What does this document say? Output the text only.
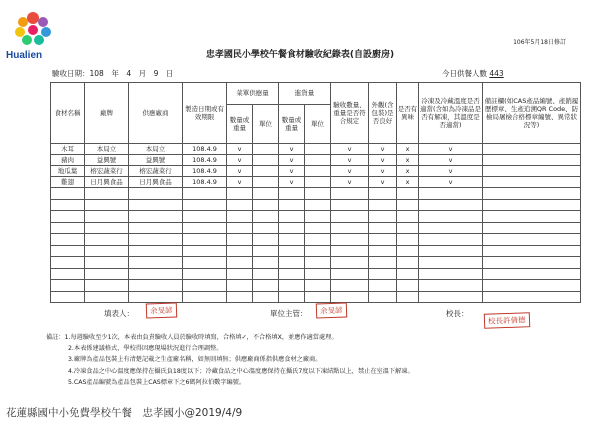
Hualien
106年5月18日修訂
忠孝國民小學校午餐食材驗收紀錄表(自設廚房)
驗收日期：108　年　4　月　9　日	今日供餐人數 443
食材名稱	廠牌	供應廠商	製造日期或有效期限	菜單供應量		進貨量		驗收數量、重量是否符合規定	外觀(含包裝)是否良好	是否有異味	冷凍及冷藏溫度是否適當(含如為冷凍品是否有解凍，其溫度是否適當)	備註欄(如CAS產品編號、產銷履歷標章、生產追溯QR Code、防檢局屠檢合格標章編號、異常狀況等)
				數量或重量	單位	數量或重量	單位					
木耳	本局立	本局立	108.4.9	v		v		v	v	x	v	
豬肉	益興號	益興號	108.4.9	v		v		v	v	x	v	
地瓜葉	榕宏蔬菜行	榕宏蔬菜行	108.4.9	v		v		v	v	x	v	
雞翅	日月興食品	日月興食品	108.4.9	v		v		v	v	x	v	

填表人：	余旻諺	單位主管：	余旻諺	校長：
校長許倩德
備註：1.每週驗收至少1次，本表由負責驗收人員於驗收時填寫，合格填✓，不合格填X，並應作適當處理。
2.本表係建議格式，學校得因應現場狀況進行合理調整。
3.廠牌為產品包裝上有清楚記載之生產廠名稱，如無則填無；供應廠商係指供應食材之廠商。
4.冷凍食品之中心溫度應保持在攝氏負18度以下；冷藏食品之中心溫度應保持在攝氏7度以下凍結點以上，禁止在室溫下解凍。
5.CAS產品編號為產品包裝上CAS標章下之6碼阿拉伯數字編號。
花蓮縣國中小免費學校午餐　忠孝國小@2019/4/9
